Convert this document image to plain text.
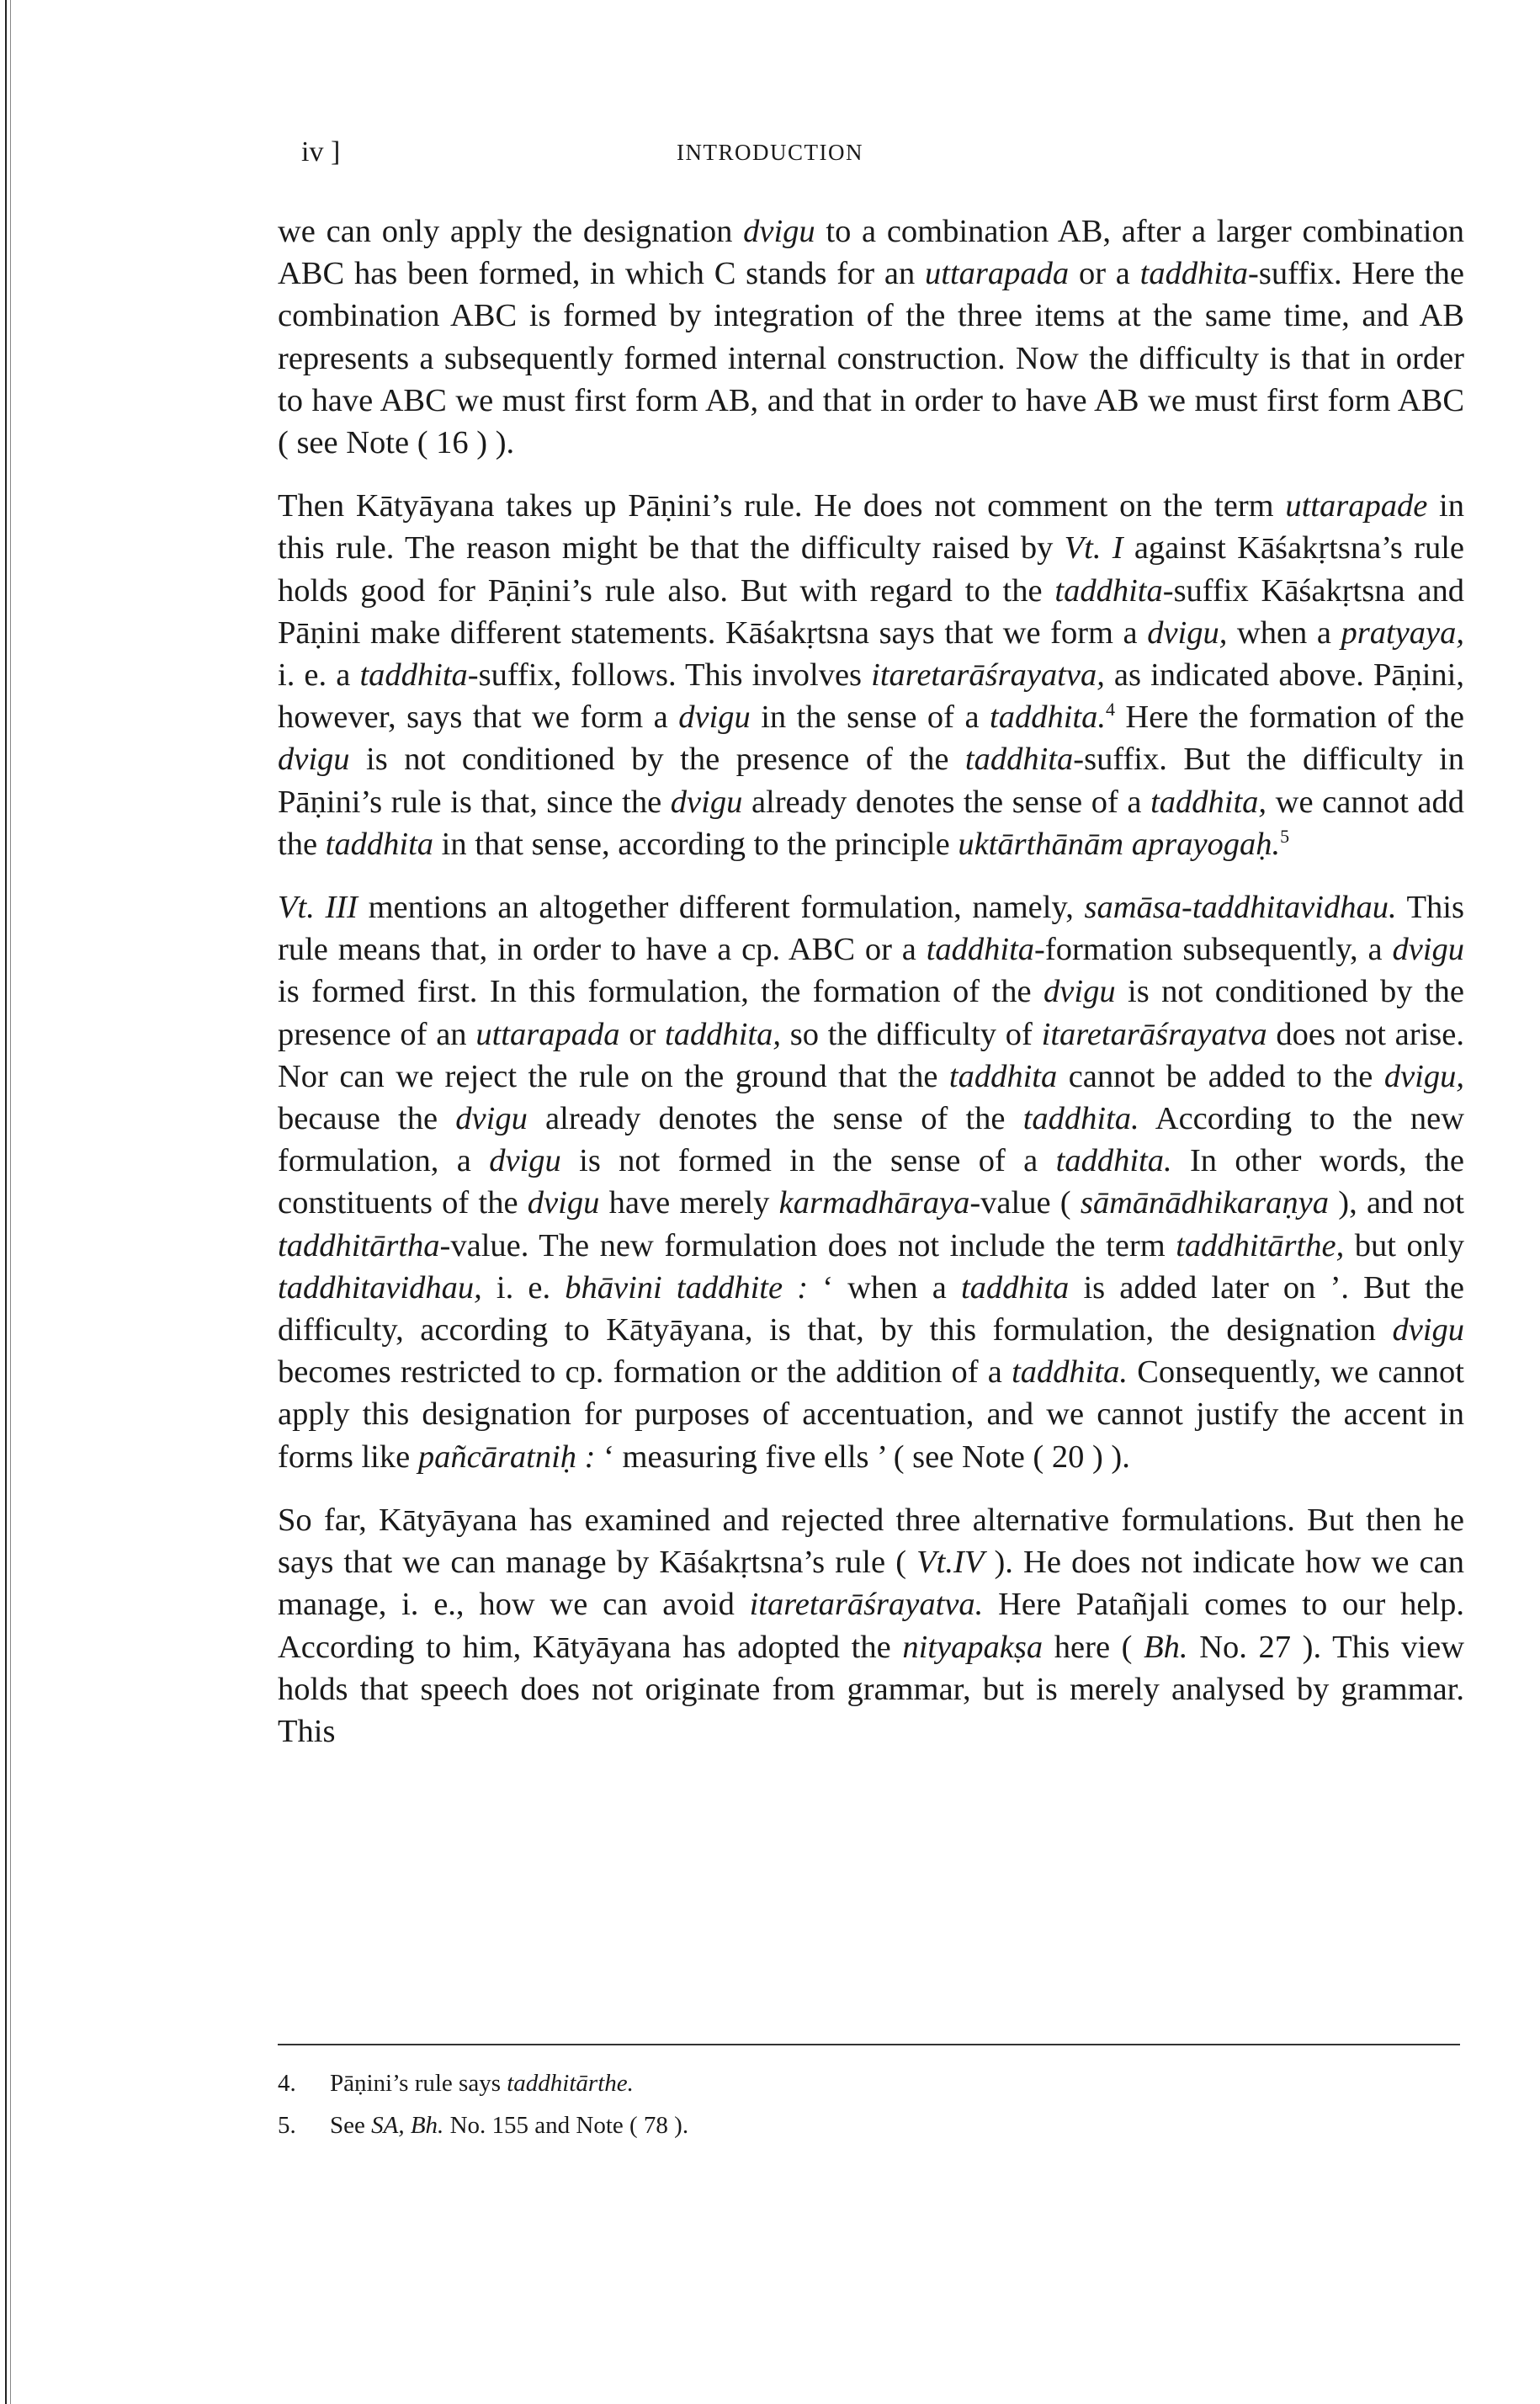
iv ]	INTRODUCTION

we can only apply the designation dvigu to a combination AB, after a larger combination ABC has been formed, in which C stands for an uttarapada or a taddhita-suffix. Here the combination ABC is formed by integration of the three items at the same time, and AB represents a subsequently formed internal construction. Now the difficulty is that in order to have ABC we must first form AB, and that in order to have AB we must first form ABC ( see Note ( 16 ) ).

Then Kātyāyana takes up Pāṇini’s rule. He does not comment on the term uttarapade in this rule. The reason might be that the difficulty raised by Vt. I against Kāśakṛtsna’s rule holds good for Pāṇini’s rule also. But with regard to the taddhita-suffix Kāśakṛtsna and Pāṇini make different statements. Kāśakṛtsna says that we form a dvigu, when a pratyaya, i. e. a taddhita-suffix, follows. This involves itaretarāśrayatva, as indicated above. Pāṇini, however, says that we form a dvigu in the sense of a taddhita.$^4$ Here the formation of the dvigu is not conditioned by the presence of the taddhita-suffix. But the difficulty in Pāṇini’s rule is that, since the dvigu already denotes the sense of a taddhita, we cannot add the taddhita in that sense, according to the principle uktārthānām aprayogaḥ.$^5$

Vt. III mentions an altogether different formulation, namely, samāsa-taddhitavidhau. This rule means that, in order to have a cp. ABC or a taddhita-formation subsequently, a dvigu is formed first. In this formulation, the formation of the dvigu is not conditioned by the presence of an uttarapada or taddhita, so the difficulty of itaretarāśrayatva does not arise. Nor can we reject the rule on the ground that the taddhita cannot be added to the dvigu, because the dvigu already denotes the sense of the taddhita. According to the new formulation, a dvigu is not formed in the sense of a taddhita. In other words, the constituents of the dvigu have merely karmadhāraya-value ( sāmānādhikaraṇya ), and not taddhitārtha-value. The new formulation does not include the term taddhitārthe, but only taddhitavidhau, i. e. bhāvini taddhite : ‘ when a taddhita is added later on ’. But the difficulty, according to Kātyāyana, is that, by this formulation, the designation dvigu becomes restricted to cp. formation or the addition of a taddhita. Consequently, we cannot apply this designation for purposes of accentuation, and we cannot justify the accent in forms like pañcāratniḥ : ‘ measuring five ells ’ ( see Note ( 20 ) ).

So far, Kātyāyana has examined and rejected three alternative formulations. But then he says that we can manage by Kāśakṛtsna’s rule ( Vt.IV ). He does not indicate how we can manage, i. e., how we can avoid itaretarāśrayatva. Here Patañjali comes to our help. According to him, Kātyāyana has adopted the nityapakṣa here ( Bh. No. 27 ). This view holds that speech does not originate from grammar, but is merely analysed by grammar. This

4.	Pāṇini’s rule says taddhitārthe.
5.	See SA, Bh. No. 155 and Note ( 78 ).
